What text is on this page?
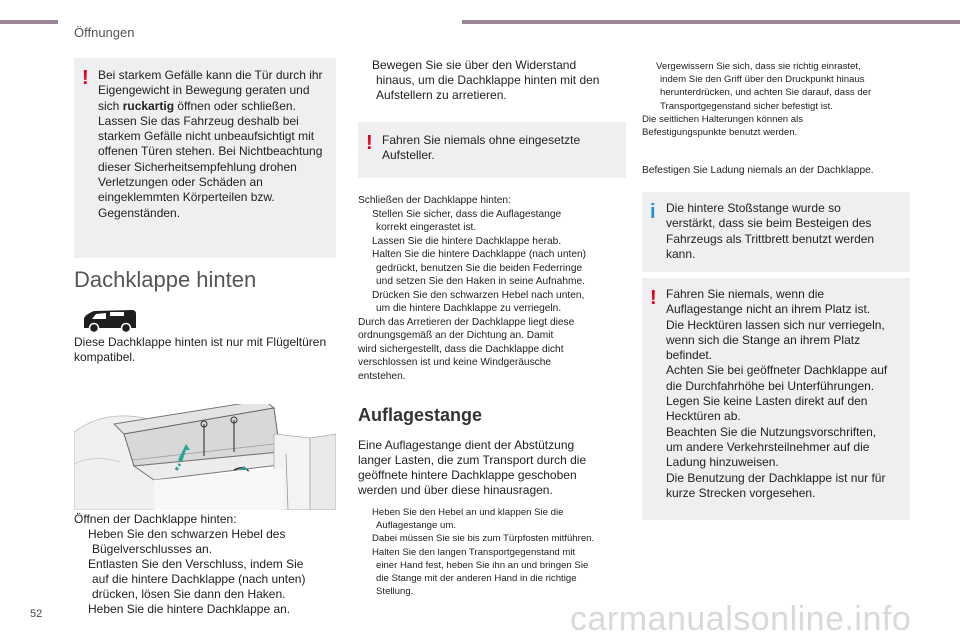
Öffnungen
! Bei starkem Gefälle kann die Tür durch ihr
Eigengewicht in Bewegung geraten und
sich ruckartig öffnen oder schließen.
Lassen Sie das Fahrzeug deshalb bei
starkem Gefälle nicht unbeaufsichtigt mit
offenen Türen stehen. Bei Nichtbeachtung
dieser Sicherheitsempfehlung drohen
Verletzungen oder Schäden an
eingeklemmten Körperteilen bzw.
Gegenständen.
Dachklappe hinten
Diese Dachklappe hinten ist nur mit Flügeltüren
kompatibel.
Öffnen der Dachklappe hinten:
Heben Sie den schwarzen Hebel des
Bügelverschlusses an.
Entlasten Sie den Verschluss, indem Sie
auf die hintere Dachklappe (nach unten)
drücken, lösen Sie dann den Haken.
Heben Sie die hintere Dachklappe an.
Bewegen Sie sie über den Widerstand
hinaus, um die Dachklappe hinten mit den
Aufstellern zu arretieren.
! Fahren Sie niemals ohne eingesetzte
Aufsteller.
Schließen der Dachklappe hinten:
Stellen Sie sicher, dass die Auflagestange
korrekt eingerastet ist.
Lassen Sie die hintere Dachklappe herab.
Halten Sie die hintere Dachklappe (nach unten)
gedrückt, benutzen Sie die beiden Federringe
und setzen Sie den Haken in seine Aufnahme.
Drücken Sie den schwarzen Hebel nach unten,
um die hintere Dachklappe zu verriegeln.
Durch das Arretieren der Dachklappe liegt diese
ordnungsgemäß an der Dichtung an. Damit
wird sichergestellt, dass die Dachklappe dicht
verschlossen ist und keine Windgeräusche
entstehen.
Auflagestange
Eine Auflagestange dient der Abstützung
langer Lasten, die zum Transport durch die
geöffnete hintere Dachklappe geschoben
werden und über diese hinausragen.
Heben Sie den Hebel an und klappen Sie die
Auflagestange um.
Dabei müssen Sie sie bis zum Türpfosten mitführen.
Halten Sie den langen Transportgegenstand mit
einer Hand fest, heben Sie ihn an und bringen Sie
die Stange mit der anderen Hand in die richtige
Stellung.
Vergewissern Sie sich, dass sie richtig einrastet,
indem Sie den Griff über den Druckpunkt hinaus
herunterdrücken, und achten Sie darauf, dass der
Transportgegenstand sicher befestigt ist.
Die seitlichen Halterungen können als
Befestigungspunkte benutzt werden.
Befestigen Sie Ladung niemals an der Dachklappe.
i Die hintere Stoßstange wurde so
verstärkt, dass sie beim Besteigen des
Fahrzeugs als Trittbrett benutzt werden
kann.
! Fahren Sie niemals, wenn die
Auflagestange nicht an ihrem Platz ist.
Die Hecktüren lassen sich nur verriegeln,
wenn sich die Stange an ihrem Platz
befindet.
Achten Sie bei geöffneter Dachklappe auf
die Durchfahrhöhe bei Unterführungen.
Legen Sie keine Lasten direkt auf den
Hecktüren ab.
Beachten Sie die Nutzungsvorschriften,
um andere Verkehrsteilnehmer auf die
Ladung hinzuweisen.
Die Benutzung der Dachklappe ist nur für
kurze Strecken vorgesehen.
52	carmanualsonline.info
